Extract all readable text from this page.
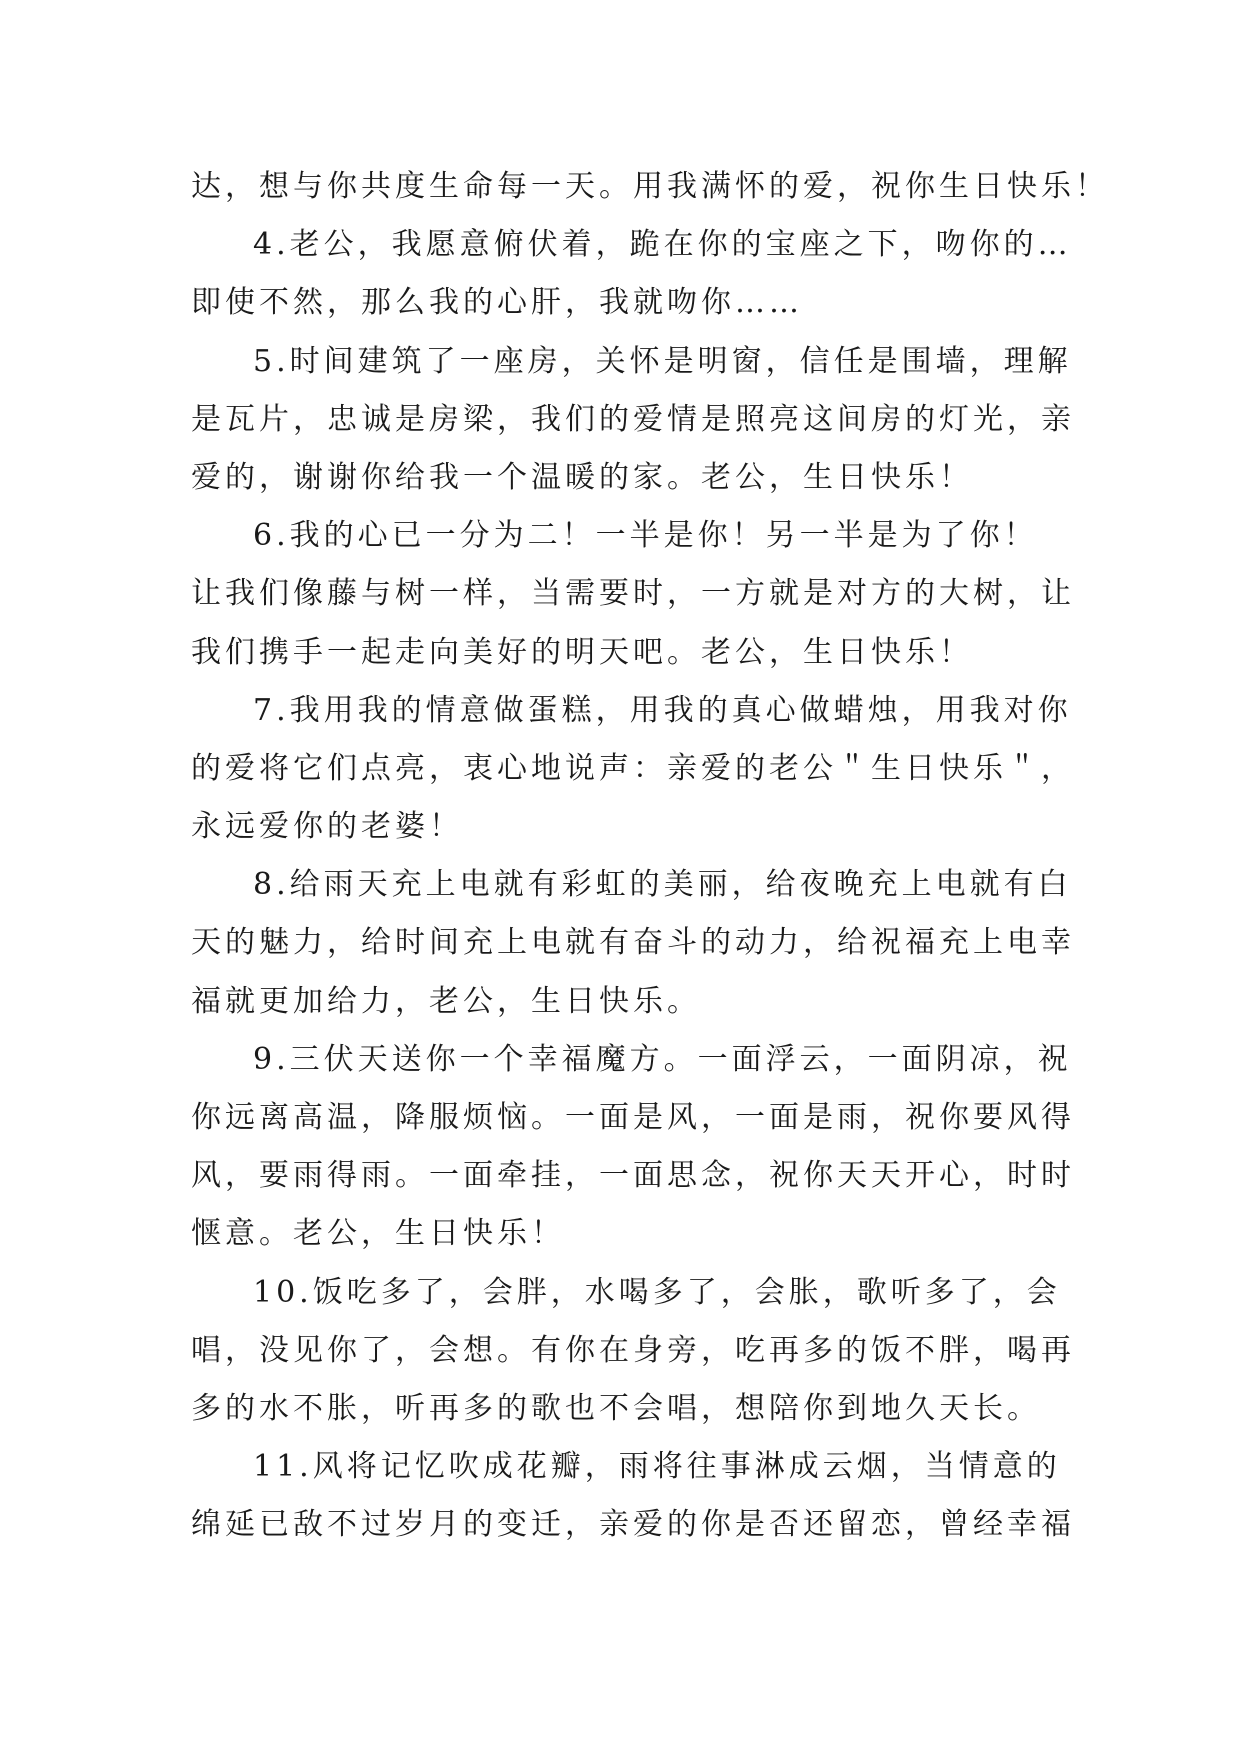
达，想与你共度生命每一天。用我满怀的爱，祝你生日快乐！
4.老公，我愿意俯伏着，跪在你的宝座之下，吻你的…
即使不然，那么我的心肝，我就吻你……
5.时间建筑了一座房，关怀是明窗，信任是围墙，理解
是瓦片，忠诚是房梁，我们的爱情是照亮这间房的灯光，亲
爱的，谢谢你给我一个温暖的家。老公，生日快乐！
6.我的心已一分为二！一半是你！另一半是为了你！
让我们像藤与树一样，当需要时，一方就是对方的大树，让
我们携手一起走向美好的明天吧。老公，生日快乐！
7.我用我的情意做蛋糕，用我的真心做蜡烛，用我对你
的爱将它们点亮，衷心地说声：亲爱的老公＂生日快乐＂，
永远爱你的老婆！
8.给雨天充上电就有彩虹的美丽，给夜晚充上电就有白
天的魅力，给时间充上电就有奋斗的动力，给祝福充上电幸
福就更加给力，老公，生日快乐。
9.三伏天送你一个幸福魔方。一面浮云，一面阴凉，祝
你远离高温，降服烦恼。一面是风，一面是雨，祝你要风得
风，要雨得雨。一面牵挂，一面思念，祝你天天开心，时时
惬意。老公，生日快乐！
10.饭吃多了，会胖，水喝多了，会胀，歌听多了，会
唱，没见你了，会想。有你在身旁，吃再多的饭不胖，喝再
多的水不胀，听再多的歌也不会唱，想陪你到地久天长。
11.风将记忆吹成花瓣，雨将往事淋成云烟，当情意的
绵延已敌不过岁月的变迁，亲爱的你是否还留恋，曾经幸福
